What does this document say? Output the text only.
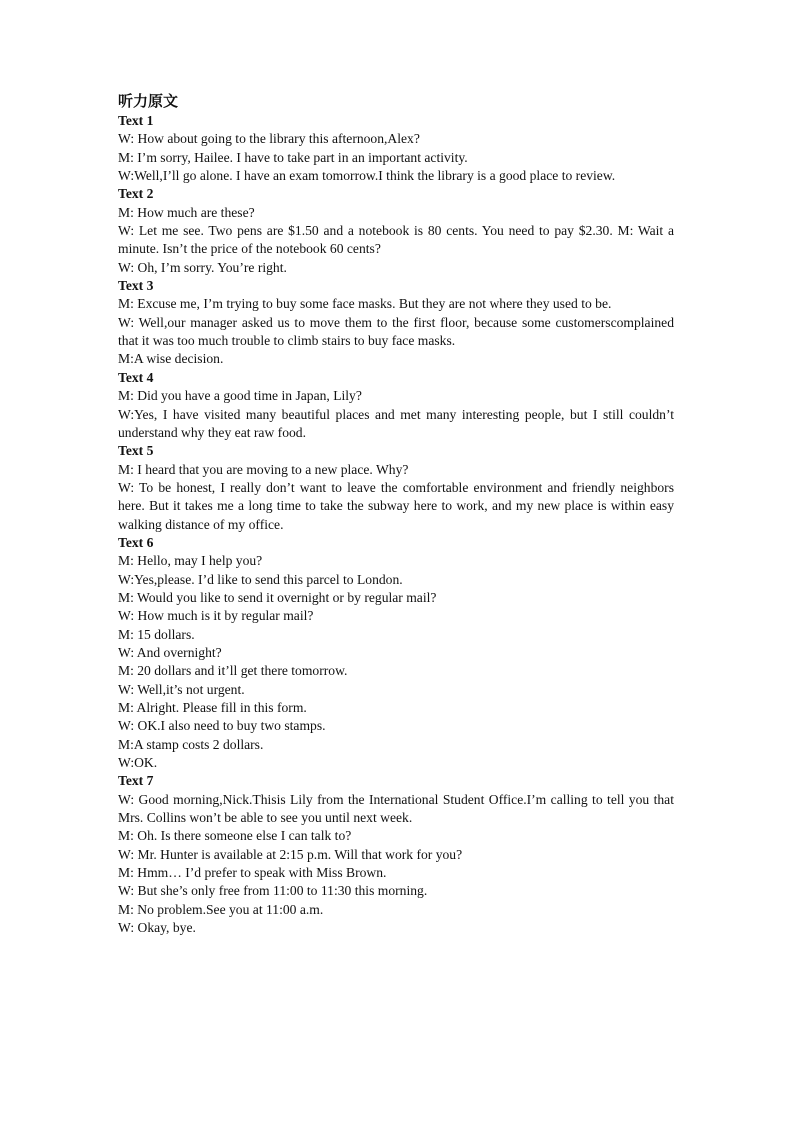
听力原文
Text 1
W: How about going to the library this afternoon,Alex?
M: I’m sorry, Hailee. I have to take part in an important activity.
W:Well,I’ll go alone. I have an exam tomorrow.I think the library is a good place to review.
Text 2
M: How much are these?
W: Let me see. Two pens are $1.50 and a notebook is 80 cents. You need to pay $2.30. M: Wait a minute. Isn’t the price of the notebook 60 cents?
W: Oh, I’m sorry. You’re right.
Text 3
M: Excuse me, I’m trying to buy some face masks. But they are not where they used to be.
W: Well,our manager asked us to move them to the first floor, because some customerscomplained that it was too much trouble to climb stairs to buy face masks.
M:A wise decision.
Text 4
M: Did you have a good time in Japan, Lily?
W:Yes, I have visited many beautiful places and met many interesting people, but I still couldn’t understand why they eat raw food.
Text 5
M: I heard that you are moving to a new place. Why?
W: To be honest, I really don’t want to leave the comfortable environment and friendly neighbors here. But it takes me a long time to take the subway here to work, and my new place is within easy walking distance of my office.
Text 6
M: Hello, may I help you?
W:Yes,please. I’d like to send this parcel to London.
M: Would you like to send it overnight or by regular mail?
W: How much is it by regular mail?
M: 15 dollars.
W: And overnight?
M: 20 dollars and it’ll get there tomorrow.
W: Well,it’s not urgent.
M: Alright. Please fill in this form.
W: OK.I also need to buy two stamps.
M:A stamp costs 2 dollars.
W:OK.
Text 7
W: Good morning,Nick.Thisis Lily from the International Student Office.I’m calling to tell you that Mrs. Collins won’t be able to see you until next week.
M: Oh. Is there someone else I can talk to?
W: Mr. Hunter is available at 2:15 p.m. Will that work for you?
M: Hmm… I’d prefer to speak with Miss Brown.
W: But she’s only free from 11:00 to 11:30 this morning.
M: No problem.See you at 11:00 a.m.
W: Okay, bye.
